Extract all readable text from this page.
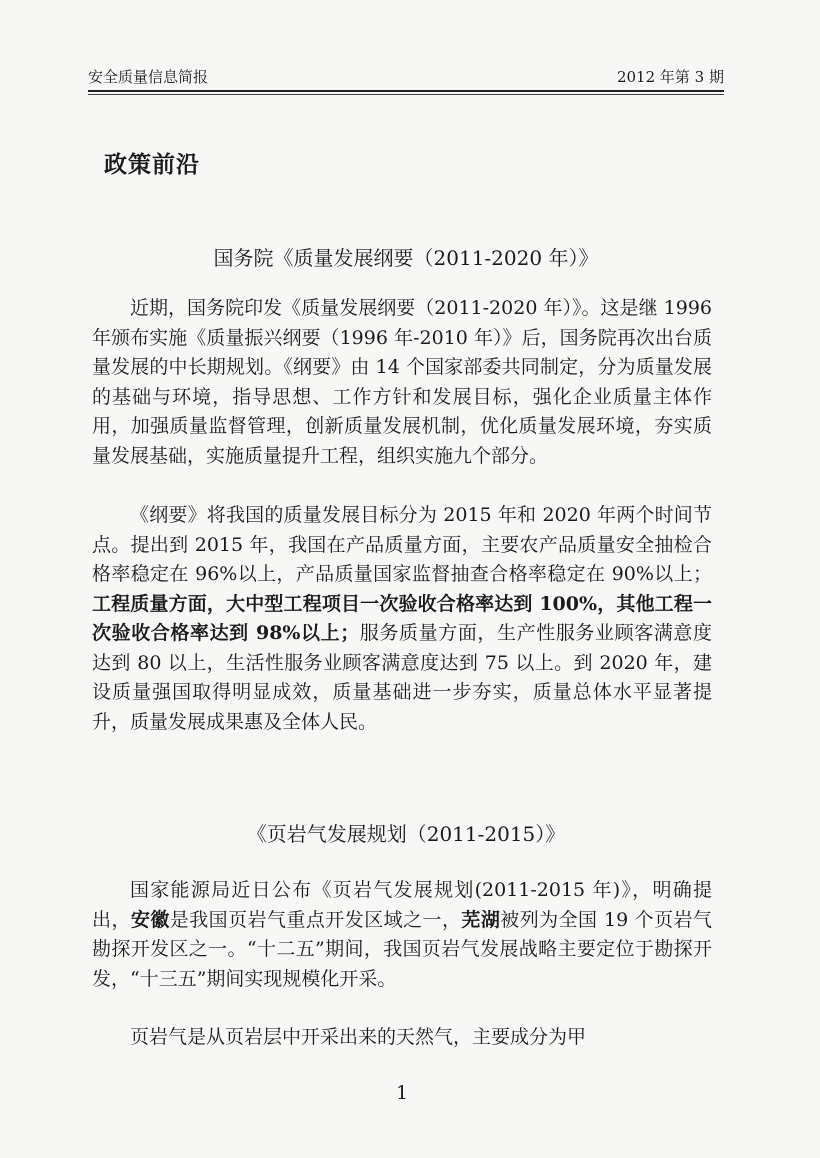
安全质量信息简报	2012 年第 3 期
政策前沿
国务院《质量发展纲要（2011-2020 年）》

近期，国务院印发《质量发展纲要（2011-2020 年）》。这是继 1996 年颁布实施《质量振兴纲要（1996 年-2010 年）》后，国务院再次出台质量发展的中长期规划。《纲要》由 14 个国家部委共同制定，分为质量发展的基础与环境，指导思想、工作方针和发展目标，强化企业质量主体作用，加强质量监督管理，创新质量发展机制，优化质量发展环境，夯实质量发展基础，实施质量提升工程，组织实施九个部分。

《纲要》将我国的质量发展目标分为 2015 年和 2020 年两个时间节点。提出到 2015 年，我国在产品质量方面，主要农产品质量安全抽检合格率稳定在 96%以上，产品质量国家监督抽查合格率稳定在 90%以上；工程质量方面，大中型工程项目一次验收合格率达到 100%，其他工程一次验收合格率达到 98%以上；服务质量方面，生产性服务业顾客满意度达到 80 以上，生活性服务业顾客满意度达到 75 以上。到 2020 年，建设质量强国取得明显成效，质量基础进一步夯实，质量总体水平显著提升，质量发展成果惠及全体人民。

《页岩气发展规划（2011-2015）》

国家能源局近日公布《页岩气发展规划(2011-2015 年)》，明确提出，安徽是我国页岩气重点开发区域之一，芜湖被列为全国 19 个页岩气勘探开发区之一。“十二五”期间，我国页岩气发展战略主要定位于勘探开发，“十三五”期间实现规模化开采。

页岩气是从页岩层中开采出来的天然气，主要成分为甲

1
